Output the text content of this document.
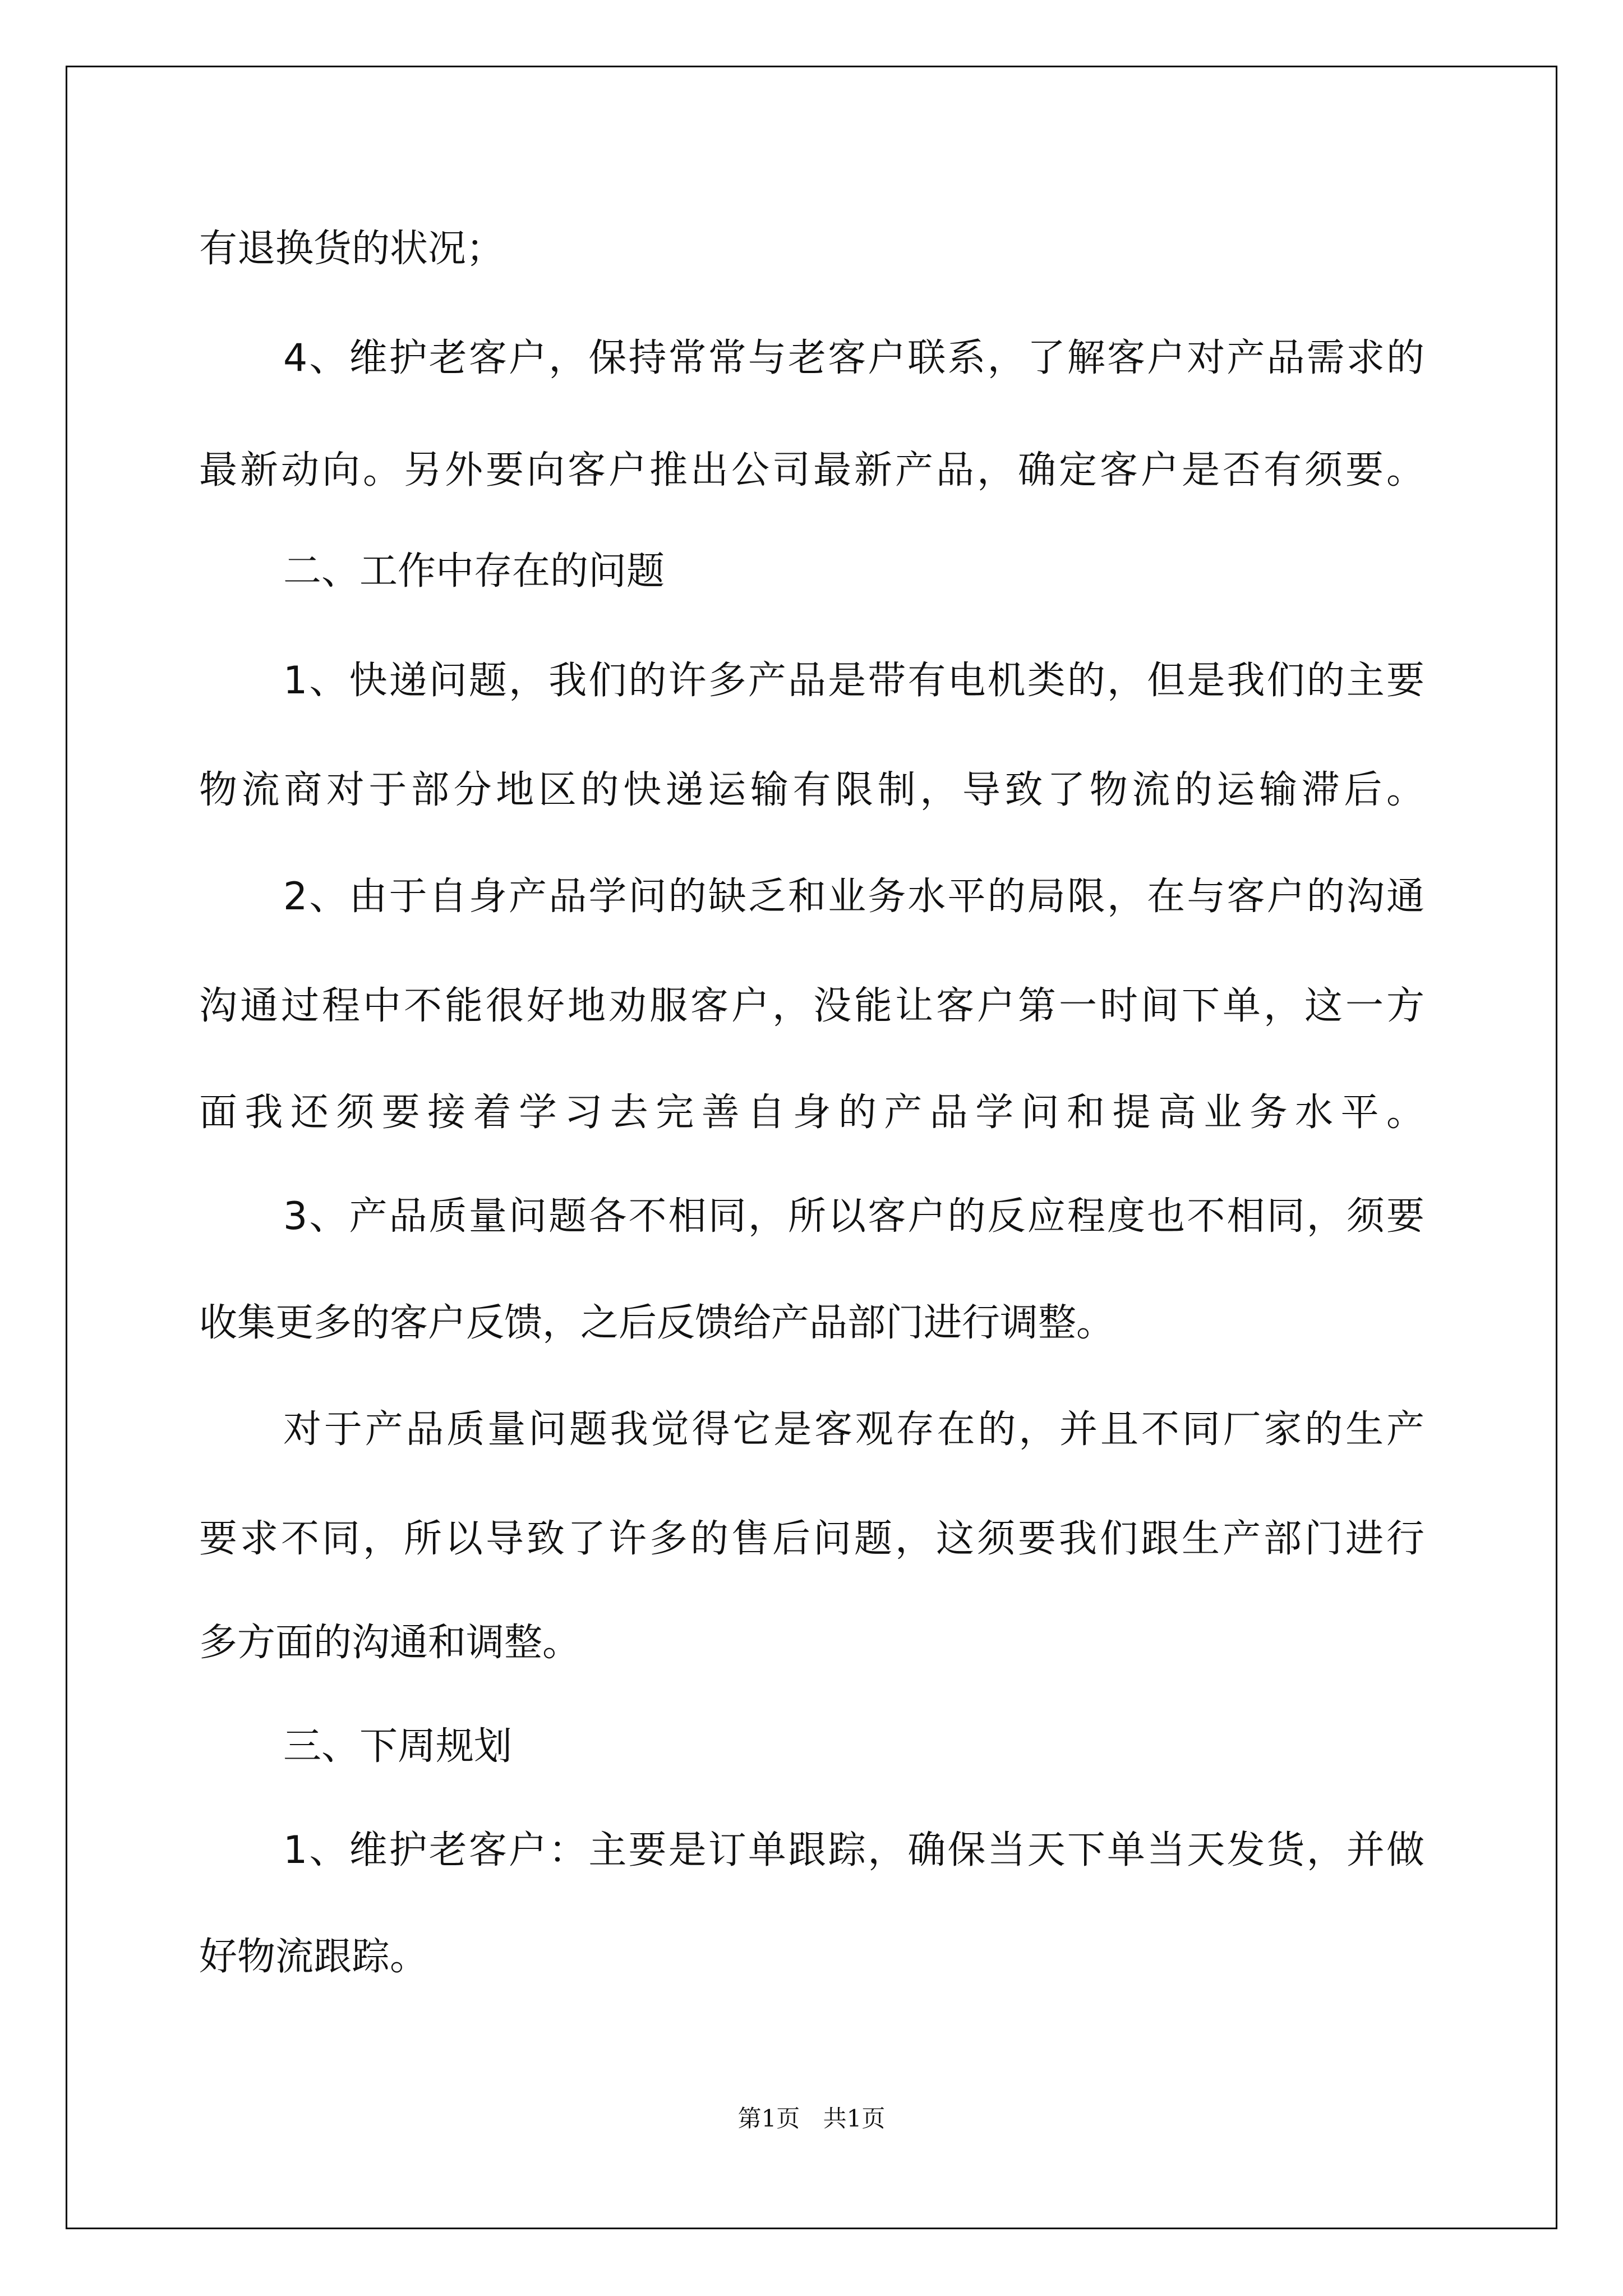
有退换货的状况；
4、维护老客户，保持常常与老客户联系，了解客户对产品需求的
最新动向。另外要向客户推出公司最新产品，确定客户是否有须要。
二、工作中存在的问题
1、快递问题，我们的许多产品是带有电机类的，但是我们的主要
物流商对于部分地区的快递运输有限制，导致了物流的运输滞后。
2、由于自身产品学问的缺乏和业务水平的局限，在与客户的沟通
沟通过程中不能很好地劝服客户，没能让客户第一时间下单，这一方
面我还须要接着学习去完善自身的产品学问和提高业务水平。
3、产品质量问题各不相同，所以客户的反应程度也不相同，须要
收集更多的客户反馈，之后反馈给产品部门进行调整。
对于产品质量问题我觉得它是客观存在的，并且不同厂家的生产
要求不同，所以导致了许多的售后问题，这须要我们跟生产部门进行
多方面的沟通和调整。
三、下周规划
1、维护老客户：主要是订单跟踪，确保当天下单当天发货，并做
好物流跟踪。
第1页 共1页
